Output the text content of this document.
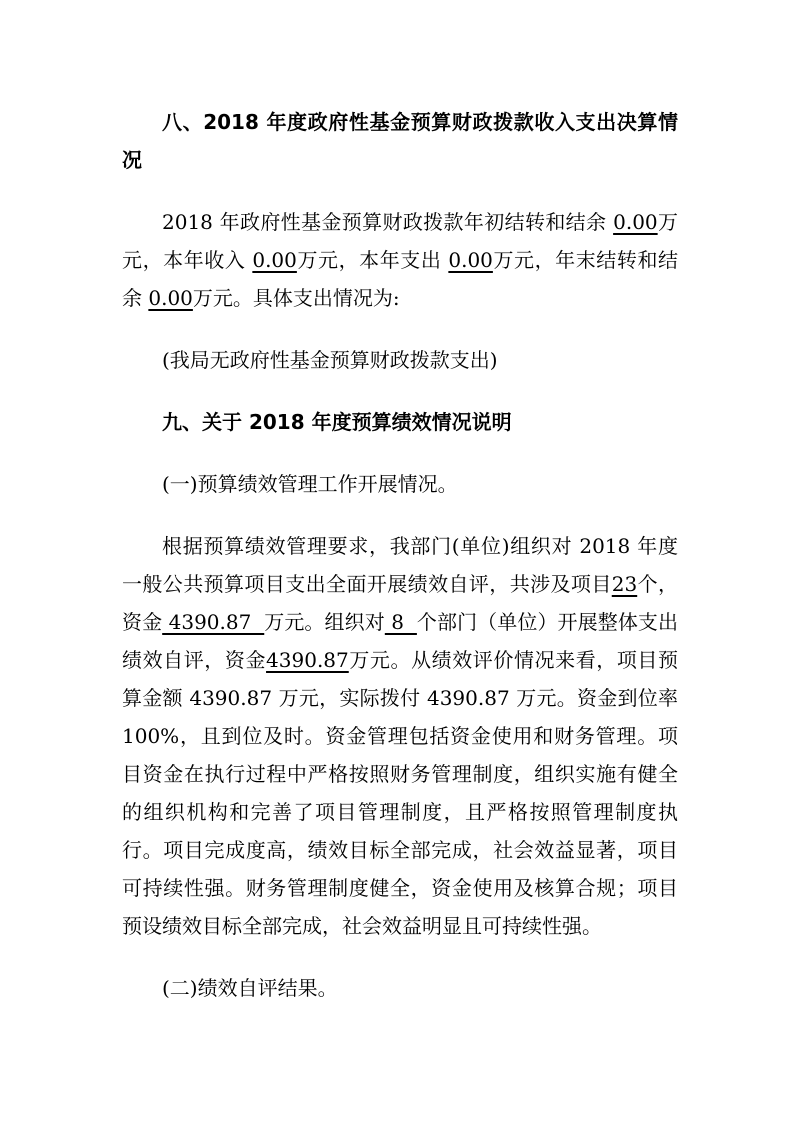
八、2018 年度政府性基金预算财政拨款收入支出决算情况

2018 年政府性基金预算财政拨款年初结转和结余 0.00万元，本年收入 0.00万元，本年支出 0.00万元，年末结转和结余 0.00万元。具体支出情况为:

(我局无政府性基金预算财政拨款支出)

九、关于 2018 年度预算绩效情况说明

(一)预算绩效管理工作开展情况。

根据预算绩效管理要求，我部门(单位)组织对 2018 年度一般公共预算项目支出全面开展绩效自评，共涉及项目23个，资金 4390.87  万元。组织对 8  个部门（单位）开展整体支出绩效自评，资金4390.87万元。从绩效评价情况来看，项目预算金额 4390.87 万元，实际拨付 4390.87 万元。资金到位率 100%，且到位及时。资金管理包括资金使用和财务管理。项目资金在执行过程中严格按照财务管理制度，组织实施有健全的组织机构和完善了项目管理制度，且严格按照管理制度执行。项目完成度高，绩效目标全部完成，社会效益显著，项目可持续性强。财务管理制度健全，资金使用及核算合规；项目预设绩效目标全部完成，社会效益明显且可持续性强。

(二)绩效自评结果。
